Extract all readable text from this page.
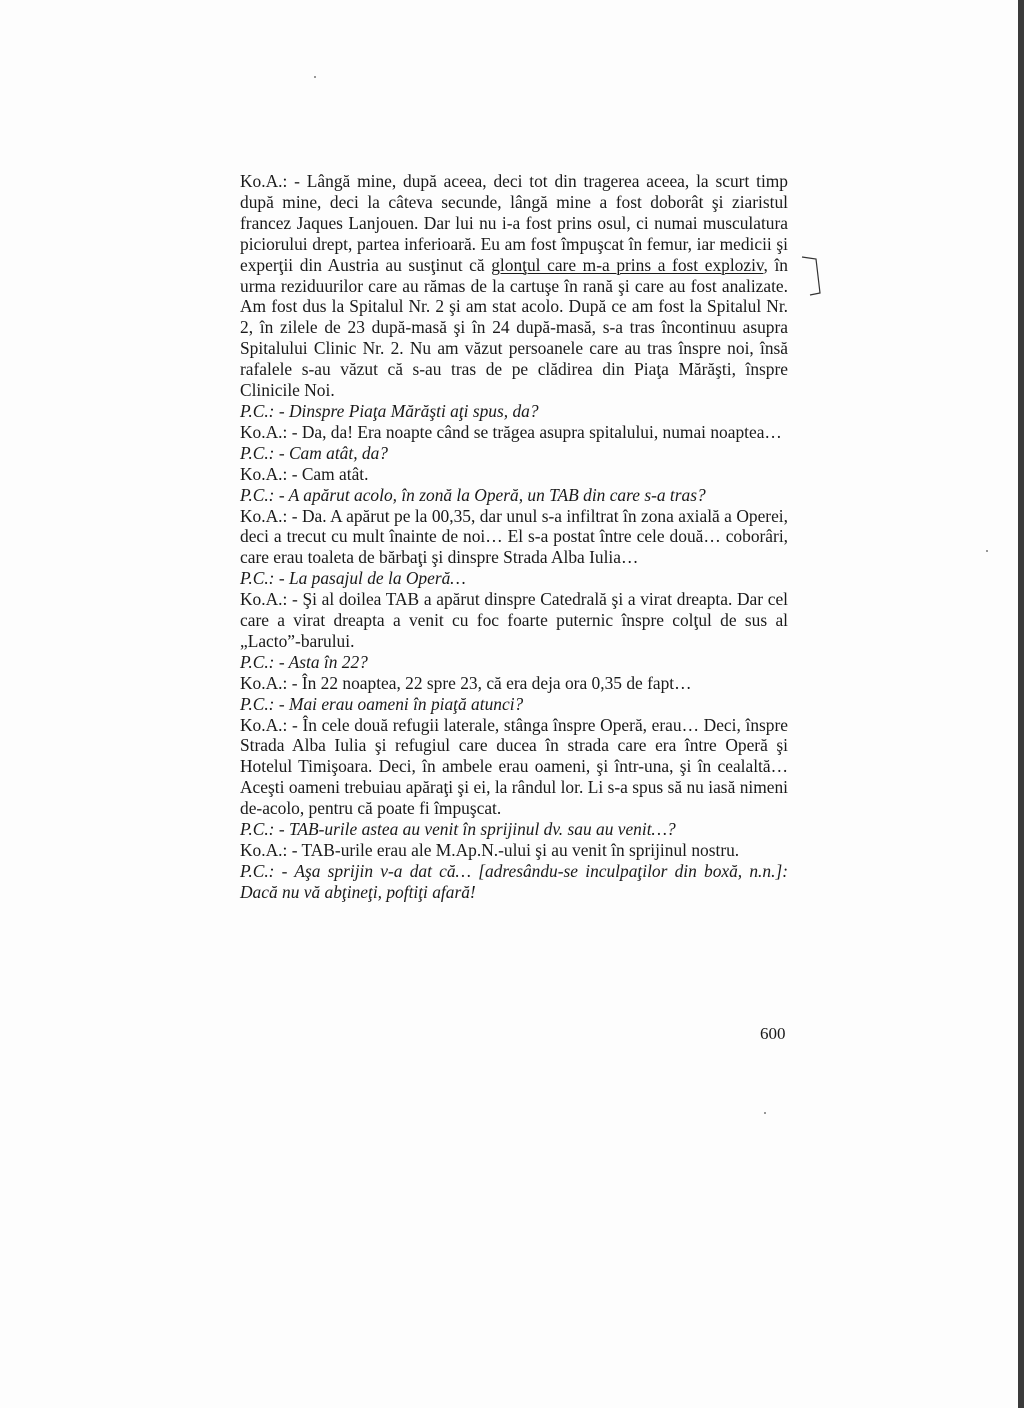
Ko.A.: - Lângă mine, după aceea, deci tot din tragerea aceea, la scurt timp după mine, deci la câteva secunde, lângă mine a fost doborât şi ziaristul francez Jaques Lanjouen. Dar lui nu i-a fost prins osul, ci numai musculatura piciorului drept, partea inferioară. Eu am fost împuşcat în femur, iar medicii şi experţii din Austria au susţinut că glonţul care m-a prins a fost exploziv, în urma reziduurilor care au rămas de la cartuşe în rană şi care au fost analizate. Am fost dus la Spitalul Nr. 2 şi am stat acolo. După ce am fost la Spitalul Nr. 2, în zilele de 23 după-masă şi în 24 după-masă, s-a tras încontinuu asupra Spitalului Clinic Nr. 2. Nu am văzut persoanele care au tras înspre noi, însă rafalele s-au văzut că s-au tras de pe clădirea din Piaţa Mărăşti, înspre Clinicile Noi.

P.C.: - Dinspre Piaţa Mărăşti aţi spus, da?

Ko.A.: - Da, da! Era noapte când se trăgea asupra spitalului, numai noaptea…

P.C.: - Cam atât, da?

Ko.A.: - Cam atât.

P.C.: - A apărut acolo, în zonă la Operă, un TAB din care s-a tras?

Ko.A.: - Da. A apărut pe la 00,35, dar unul s-a infiltrat în zona axială a Operei, deci a trecut cu mult înainte de noi… El s-a postat între cele două… coborâri, care erau toaleta de bărbaţi şi dinspre Strada Alba Iulia…

P.C.: - La pasajul de la Operă…

Ko.A.: - Şi al doilea TAB a apărut dinspre Catedrală şi a virat dreapta. Dar cel care a virat dreapta a venit cu foc foarte puternic înspre colţul de sus al „Lacto”-barului.

P.C.: - Asta în 22?

Ko.A.: - În 22 noaptea, 22 spre 23, că era deja ora 0,35 de fapt…

P.C.: - Mai erau oameni în piaţă atunci?

Ko.A.: - În cele două refugii laterale, stânga înspre Operă, erau… Deci, înspre Strada Alba Iulia şi refugiul care ducea în strada care era între Operă şi Hotelul Timişoara. Deci, în ambele erau oameni, şi într-una, şi în cealaltă… Aceşti oameni trebuiau apăraţi şi ei, la rândul lor. Li s-a spus să nu iasă nimeni de-acolo, pentru că poate fi împuşcat.

P.C.: - TAB-urile astea au venit în sprijinul dv. sau au venit…?

Ko.A.: - TAB-urile erau ale M.Ap.N.-ului şi au venit în sprijinul nostru.

P.C.: - Aşa sprijin v-a dat că… [adresându-se inculpaţilor din boxă, n.n.]: Dacă nu vă abţineţi, poftiţi afară!

600
